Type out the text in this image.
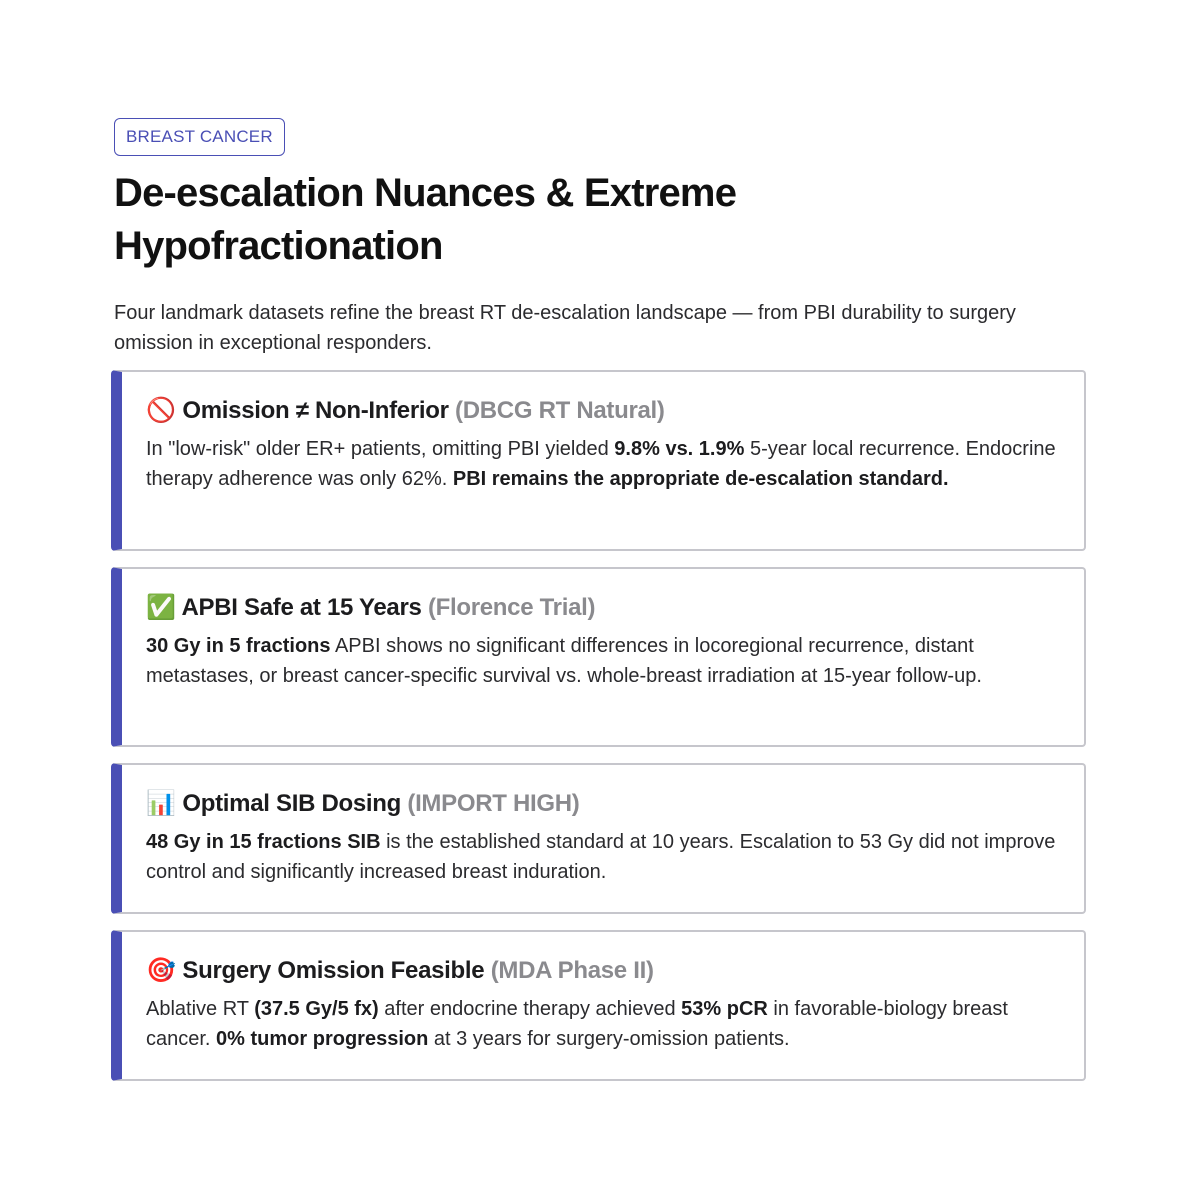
BREAST CANCER
De-escalation Nuances & Extreme Hypofractionation

Four landmark datasets refine the breast RT de-escalation landscape — from PBI durability to surgery omission in exceptional responders.

🚫 Omission ≠ Non-Inferior (DBCG RT Natural)
In "low-risk" older ER+ patients, omitting PBI yielded 9.8% vs. 1.9% 5-year local recurrence. Endocrine therapy adherence was only 62%. PBI remains the appropriate de-escalation standard.
✅ APBI Safe at 15 Years (Florence Trial)
30 Gy in 5 fractions APBI shows no significant differences in locoregional recurrence, distant metastases, or breast cancer-specific survival vs. whole-breast irradiation at 15-year follow-up.
📊 Optimal SIB Dosing (IMPORT HIGH)
48 Gy in 15 fractions SIB is the established standard at 10 years. Escalation to 53 Gy did not improve control and significantly increased breast induration.
🎯 Surgery Omission Feasible (MDA Phase II)
Ablative RT (37.5 Gy/5 fx) after endocrine therapy achieved 53% pCR in favorable-biology breast cancer. 0% tumor progression at 3 years for surgery-omission patients.
